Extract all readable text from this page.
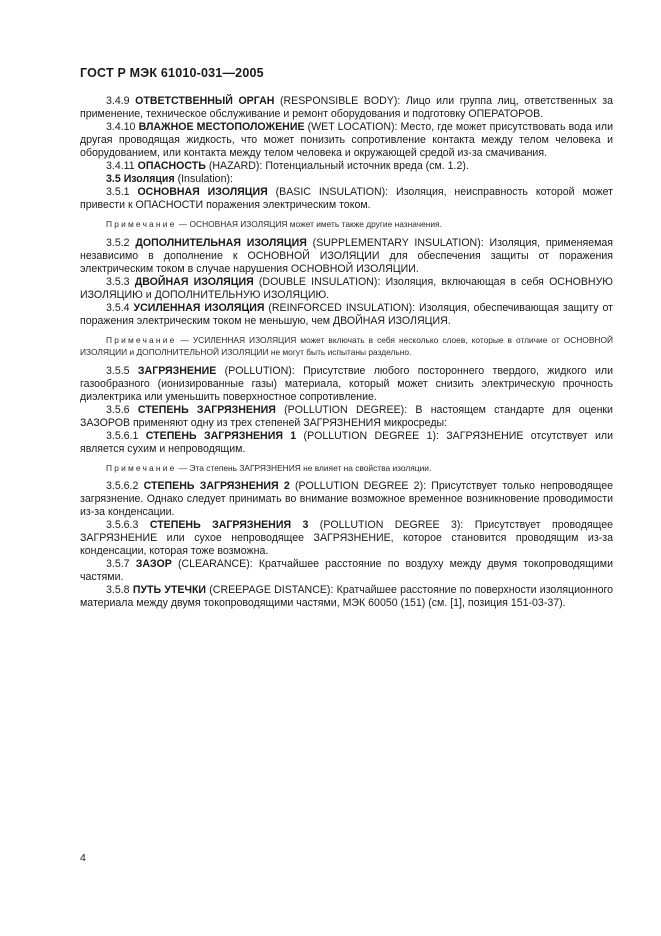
ГОСТ Р МЭК 61010-031—2005

3.4.9 ОТВЕТСТВЕННЫЙ ОРГАН (RESPONSIBLE BODY): Лицо или группа лиц, ответственных за применение, техническое обслуживание и ремонт оборудования и подготовку ОПЕРАТОРОВ.

3.4.10 ВЛАЖНОЕ МЕСТОПОЛОЖЕНИЕ (WET LOCATION): Место, где может присутствовать вода или другая проводящая жидкость, что может понизить сопротивление контакта между телом человека и оборудованием, или контакта между телом человека и окружающей средой из-за смачивания.

3.4.11 ОПАСНОСТЬ (HAZARD): Потенциальный источник вреда (см. 1.2).

3.5 Изоляция (Insulation):

3.5.1 ОСНОВНАЯ ИЗОЛЯЦИЯ (BASIC INSULATION): Изоляция, неисправность которой может привести к ОПАСНОСТИ поражения электрическим током.

Примечание — ОСНОВНАЯ ИЗОЛЯЦИЯ может иметь также другие назначения.

3.5.2 ДОПОЛНИТЕЛЬНАЯ ИЗОЛЯЦИЯ (SUPPLEMENTARY INSULATION): Изоляция, применяемая независимо в дополнение к ОСНОВНОЙ ИЗОЛЯЦИИ для обеспечения защиты от поражения электрическим током в случае нарушения ОСНОВНОЙ ИЗОЛЯЦИИ.

3.5.3 ДВОЙНАЯ ИЗОЛЯЦИЯ (DOUBLE INSULATION): Изоляция, включающая в себя ОСНОВНУЮ ИЗОЛЯЦИЮ и ДОПОЛНИТЕЛЬНУЮ ИЗОЛЯЦИЮ.

3.5.4 УСИЛЕННАЯ ИЗОЛЯЦИЯ (REINFORCED INSULATION): Изоляция, обеспечивающая защиту от поражения электрическим током не меньшую, чем ДВОЙНАЯ ИЗОЛЯЦИЯ.

Примечание — УСИЛЕННАЯ ИЗОЛЯЦИЯ может включать в себя несколько слоев, которые в отличие от ОСНОВНОЙ ИЗОЛЯЦИИ и ДОПОЛНИТЕЛЬНОЙ ИЗОЛЯЦИИ не могут быть испытаны раздельно.

3.5.5 ЗАГРЯЗНЕНИЕ (POLLUTION): Присутствие любого постороннего твердого, жидкого или газообразного (ионизированные газы) материала, который может снизить электрическую прочность диэлектрика или уменьшить поверхностное сопротивление.

3.5.6 СТЕПЕНЬ ЗАГРЯЗНЕНИЯ (POLLUTION DEGREE): В настоящем стандарте для оценки ЗАЗОРОВ применяют одну из трех степеней ЗАГРЯЗНЕНИЯ микросреды:

3.5.6.1 СТЕПЕНЬ ЗАГРЯЗНЕНИЯ 1 (POLLUTION DEGREE 1): ЗАГРЯЗНЕНИЕ отсутствует или является сухим и непроводящим.

Примечание — Эта степень ЗАГРЯЗНЕНИЯ не влияет на свойства изоляции.

3.5.6.2 СТЕПЕНЬ ЗАГРЯЗНЕНИЯ 2 (POLLUTION DEGREE 2): Присутствует только непроводящее загрязнение. Однако следует принимать во внимание возможное временное возникновение проводимости из-за конденсации.

3.5.6.3 СТЕПЕНЬ ЗАГРЯЗНЕНИЯ 3 (POLLUTION DEGREE 3): Присутствует проводящее ЗАГРЯЗНЕНИЕ или сухое непроводящее ЗАГРЯЗНЕНИЕ, которое становится проводящим из-за конденсации, которая тоже возможна.

3.5.7 ЗАЗОР (CLEARANCE): Кратчайшее расстояние по воздуху между двумя токопроводящими частями.

3.5.8 ПУТЬ УТЕЧКИ (CREEPAGE DISTANCE): Кратчайшее расстояние по поверхности изоляционного материала между двумя токопроводящими частями, МЭК 60050 (151) (см. [1], позиция 151-03-37).

4
